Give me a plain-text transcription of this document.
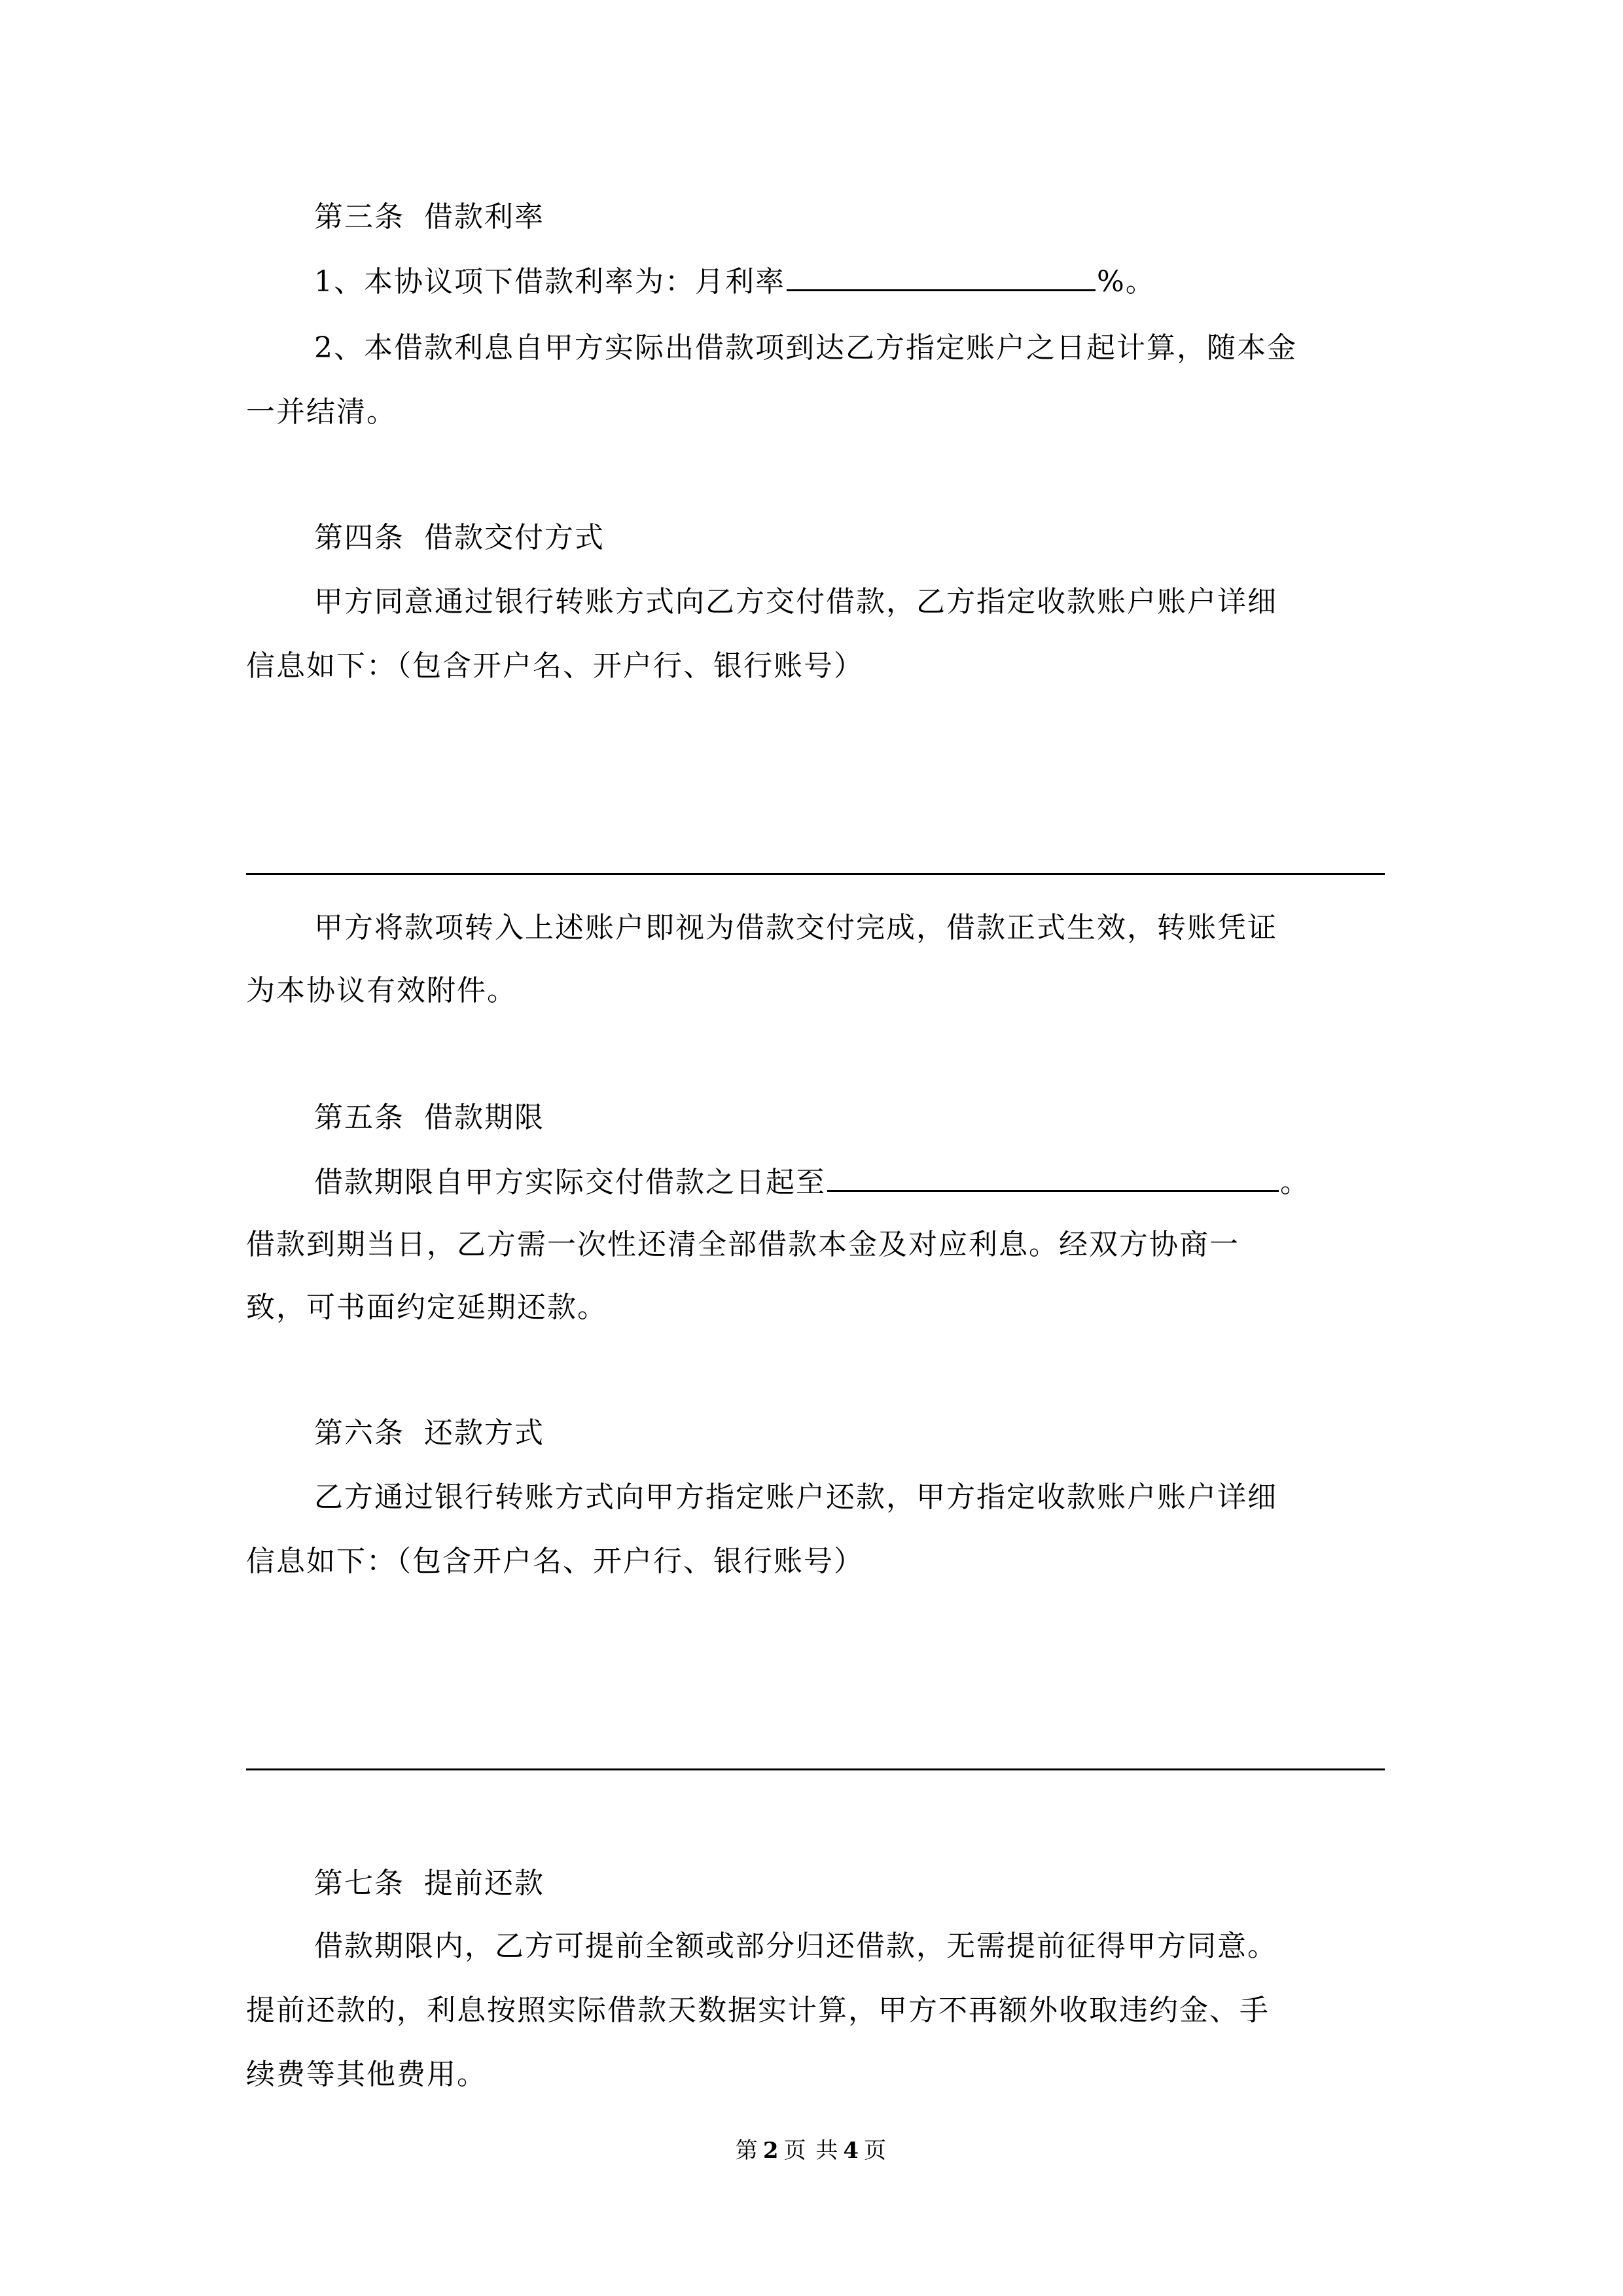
第三条 借款利率
1、本协议项下借款利率为：月利率	%。
2、本借款利息自甲方实际出借款项到达乙方指定账户之日起计算，随本金
一并结清。
第四条 借款交付方式
甲方同意通过银行转账方式向乙方交付借款，乙方指定收款账户账户详细
信息如下：（包含开户名、开户行、银行账号）
甲方将款项转入上述账户即视为借款交付完成，借款正式生效，转账凭证
为本协议有效附件。
第五条 借款期限
借款期限自甲方实际交付借款之日起至	。
借款到期当日，乙方需一次性还清全部借款本金及对应利息。经双方协商一
致，可书面约定延期还款。
第六条 还款方式
乙方通过银行转账方式向甲方指定账户还款，甲方指定收款账户账户详细
信息如下：（包含开户名、开户行、银行账号）
第七条 提前还款
借款期限内，乙方可提前全额或部分归还借款，无需提前征得甲方同意。
提前还款的，利息按照实际借款天数据实计算，甲方不再额外收取违约金、手
续费等其他费用。
第 2 页 共 4 页
